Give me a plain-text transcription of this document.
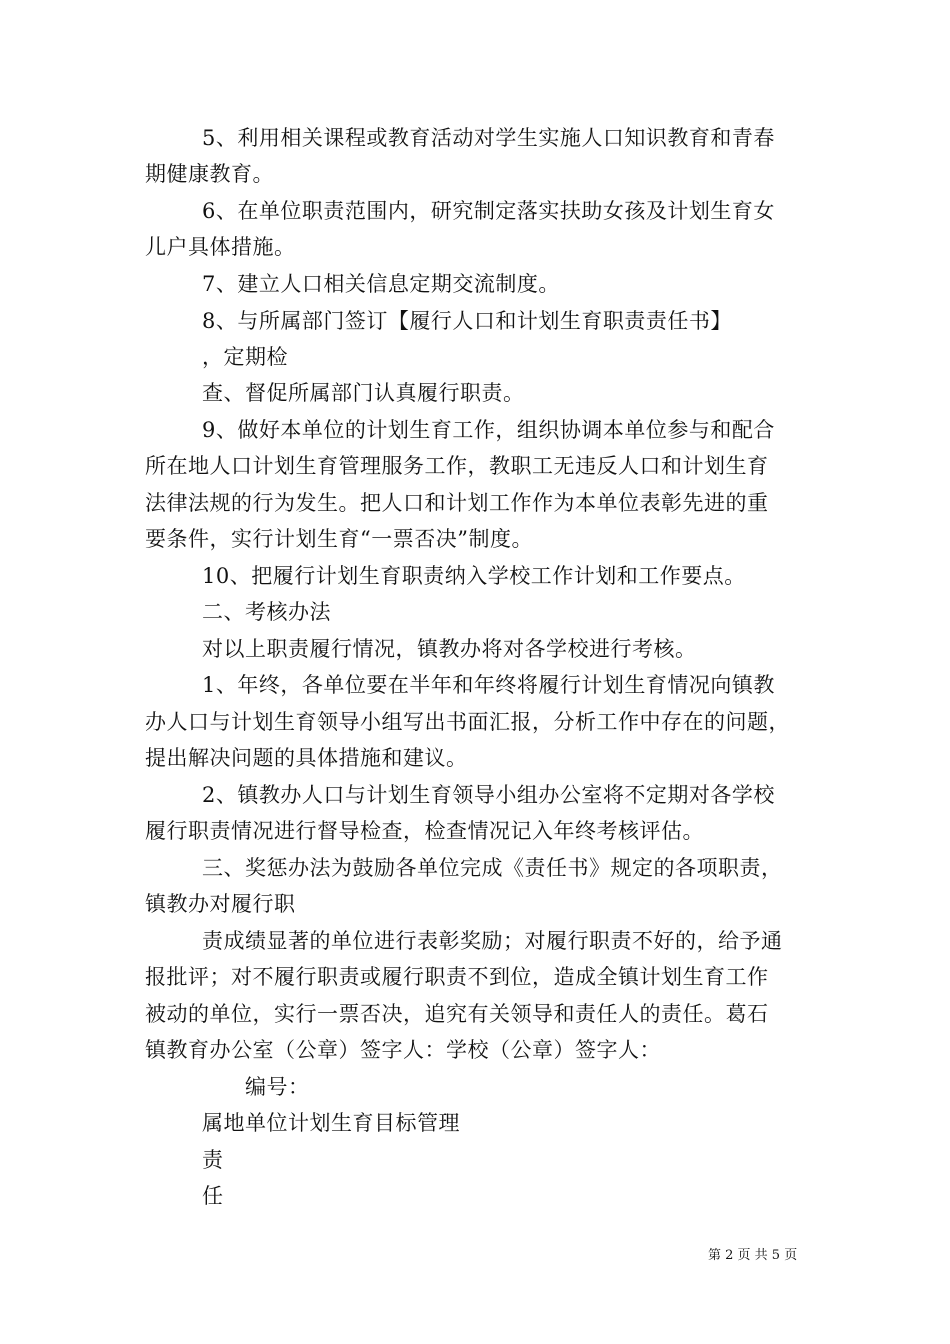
5、利用相关课程或教育活动对学生实施人口知识教育和青春
期健康教育。
6、在单位职责范围内，研究制定落实扶助女孩及计划生育女
儿户具体措施。
7、建立人口相关信息定期交流制度。
8、与所属部门签订【履行人口和计划生育职责责任书】
，定期检
查、督促所属部门认真履行职责。
9、做好本单位的计划生育工作，组织协调本单位参与和配合
所在地人口计划生育管理服务工作，教职工无违反人口和计划生育
法律法规的行为发生。把人口和计划工作作为本单位表彰先进的重
要条件，实行计划生育“一票否决”制度。
10、把履行计划生育职责纳入学校工作计划和工作要点。
二、考核办法
对以上职责履行情况，镇教办将对各学校进行考核。
1、年终，各单位要在半年和年终将履行计划生育情况向镇教
办人口与计划生育领导小组写出书面汇报，分析工作中存在的问题，
提出解决问题的具体措施和建议。
2、镇教办人口与计划生育领导小组办公室将不定期对各学校
履行职责情况进行督导检查，检查情况记入年终考核评估。
三、奖惩办法为鼓励各单位完成《责任书》规定的各项职责，
镇教办对履行职
责成绩显著的单位进行表彰奖励；对履行职责不好的，给予通
报批评；对不履行职责或履行职责不到位，造成全镇计划生育工作
被动的单位，实行一票否决，追究有关领导和责任人的责任。葛石
镇教育办公室（公章）签字人：学校（公章）签字人：
编号：
属地单位计划生育目标管理
责
任
第 2 页 共 5 页
